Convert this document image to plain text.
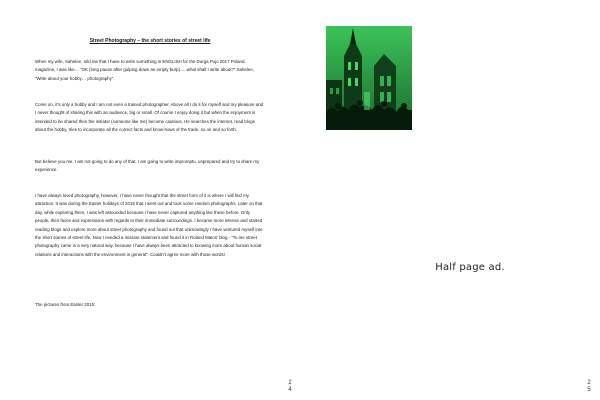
Street Photography – the short stories of street life

When my wife, Sahelee, told me that I have to write something in ENGLISH for the Durga Pujo 2017 Poland, magazine, I was like… “OK (long pause after gulping down an empty burp)…..what shall I write about?” Sahelee, “Write about your hobby… photography”.

Come on, it’s only a hobby and I am not even a trained photographer. Above all I do it for myself and my pleasure and I never thought of sharing this with an audience, big or small. Of course I enjoy doing it but when the enjoyment is intended to be shared then the initiator (someone like me) become cautious. He searches the internet, read blogs about the hobby, tries to incorporate all the correct facts and know-hows of the trade, so on and so forth.

But believe you me, I am not going to do any of that. I am going to write impromptu, unprepared and try to share my experience.

I have always loved photography, however, I have never thought that the street form of it is where I will find my attraction. It was during the Easter holidays of 2015 that I went out and took some random photographs. Later on that day, while exploring them, I was left astounded because I have never captured anything like these before. Only people, their faces and expressions with regards to their immediate surroundings. I became more intense and started reading blogs and explore more about street photography and found out that unknowingly I have ventured myself into the short stories of street life. Now I needed a mission statement and found it in Roland Matos’ blog - “To me street photography came in a very natural way, because I have always been attracted to knowing more about human social relations and interactions with the environment in general”. Couldn’t agree more with those words!

The pictures from Easter 2015:

2
4
Half page ad.
2
5
